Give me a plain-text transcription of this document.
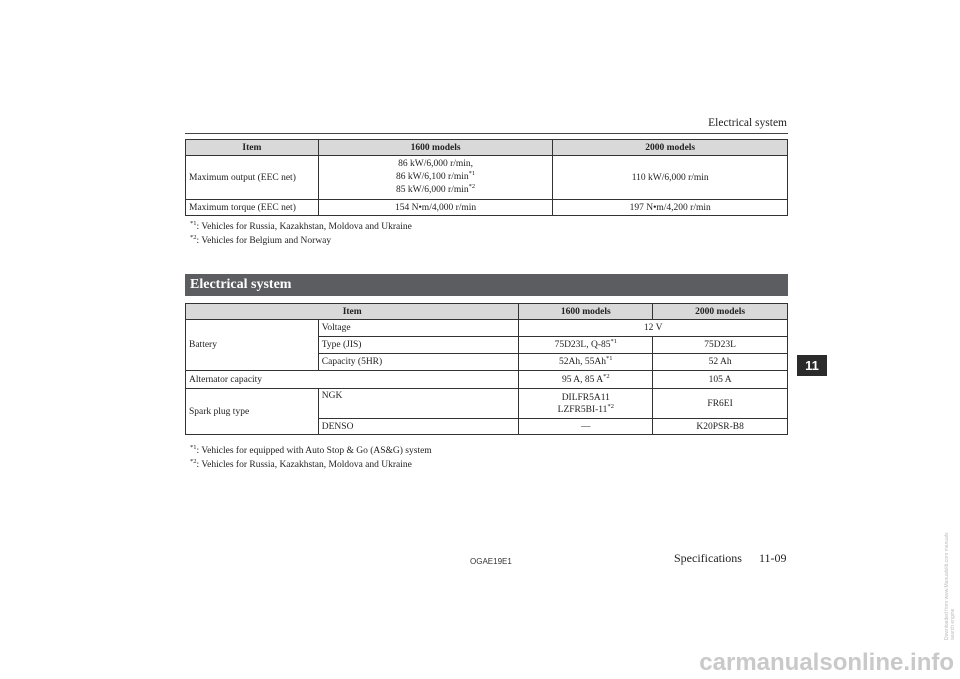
Electrical system
Item	1600 models	2000 models
Maximum output (EEC net)	86 kW/6,000 r/min,
86 kW/6,100 $r/\min^{*1}$
85 kW/6,000 $r/\min^{*2}$	110 kW/6,000 r/min
Maximum torque (EEC net)	154 N•m/4,000 r/min	197 N•m/4,200 r/min
$^{*1}$: Vehicles for Russia, Kazakhstan, Moldova and Ukraine
$^{*2}$: Vehicles for Belgium and Norway
Electrical system
Item		1600 models	2000 models
Battery	Voltage	12 V	
	Type (JIS)	75D23L, Q-85$^{*1}$	75D23L
	Capacity (5HR)	52Ah, 55Ah$^{*1}$	52 Ah
Alternator capacity		95 A, 85 $A^{*2}$	105 A
Spark plug type	NGK	DILFR5A11
LZFR5BI-11$^{*2}$	FR6EI
	DENSO	—	K20PSR-B8
$^{*1}$: Vehicles for equipped with Auto Stop & Go (AS&G) system
$^{*2}$: Vehicles for Russia, Kazakhstan, Moldova and Ukraine
11
OGAE19E1	Specifications 11-09
carmanualsonline.info
Downloaded from www.Manualslib.com manuals search engine
